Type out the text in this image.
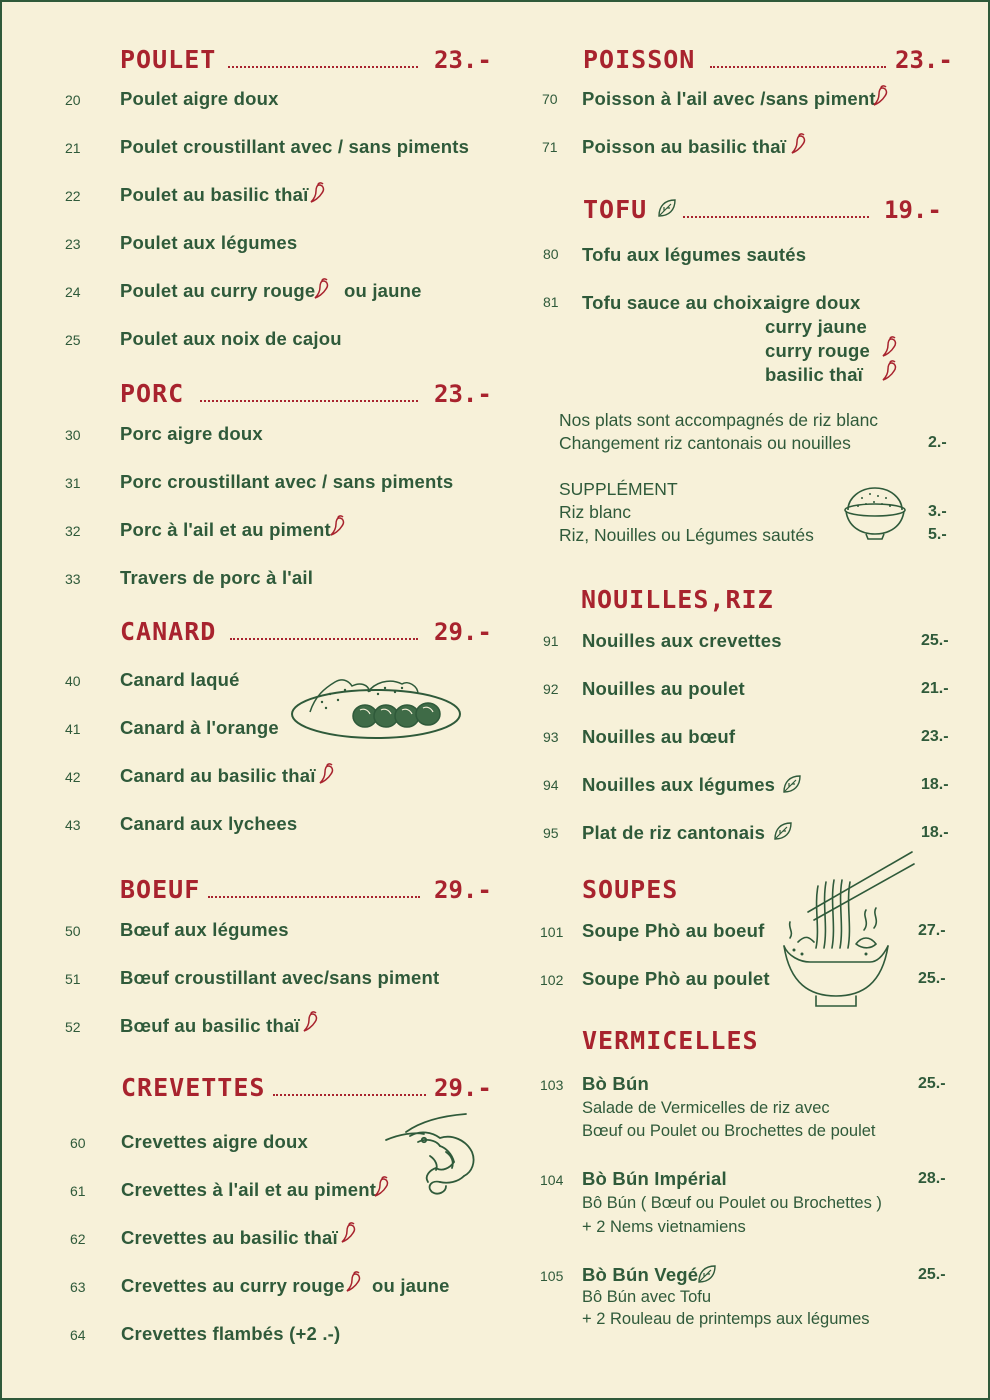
POULET	23.-
20 Poulet aigre doux
21 Poulet croustillant avec / sans piments
22 Poulet au basilic thaï
23 Poulet aux légumes
24 Poulet au curry rouge ou jaune
25 Poulet aux noix de cajou
PORC	23.-
30 Porc aigre doux
31 Porc croustillant avec / sans piments
32 Porc à l'ail et au piment
33 Travers de porc à l'ail
CANARD	29.-
40 Canard laqué
41 Canard à l'orange
42 Canard au basilic thaï
43 Canard aux lychees
BOEUF	29.-
50 Bœuf aux légumes
51 Bœuf croustillant avec/sans piment
52 Bœuf au basilic thaï
CREVETTES	29.-
60 Crevettes aigre doux
61 Crevettes à l'ail et au piment
62 Crevettes au basilic thaï
63 Crevettes au curry rouge ou jaune
64 Crevettes flambés (+2 .-)
POISSON	23.-
70 Poisson à l'ail avec /sans piment
71 Poisson au basilic thaï
TOFU	19.-
80 Tofu aux légumes sautés
81 Tofu sauce au choix:
aigre doux
curry jaune
curry rouge
basilic thaï
Nos plats sont accompagnés de riz blanc
Changement riz cantonais ou nouilles	2.-
SUPPLÉMENT
Riz blanc	3.-
Riz, Nouilles ou Légumes sautés	5.-
NOUILLES,RIZ
91 Nouilles aux crevettes	25.-
92 Nouilles au poulet	21.-
93 Nouilles au bœuf	23.-
94 Nouilles aux légumes	18.-
95 Plat de riz cantonais	18.-
SOUPES
101 Soupe Phò au boeuf	27.-
102 Soupe Phò au poulet	25.-
VERMICELLES
103 Bò Bún	25.-
Salade de Vermicelles de riz avec
Bœuf ou Poulet ou Brochettes de poulet
104 Bò Bún Impérial	28.-
Bô Bún ( Bœuf ou Poulet ou Brochettes )
+ 2 Nems vietnamiens
105 Bò Bún Vegé	25.-
Bô Bún avec Tofu
+ 2 Rouleau de printemps aux légumes
